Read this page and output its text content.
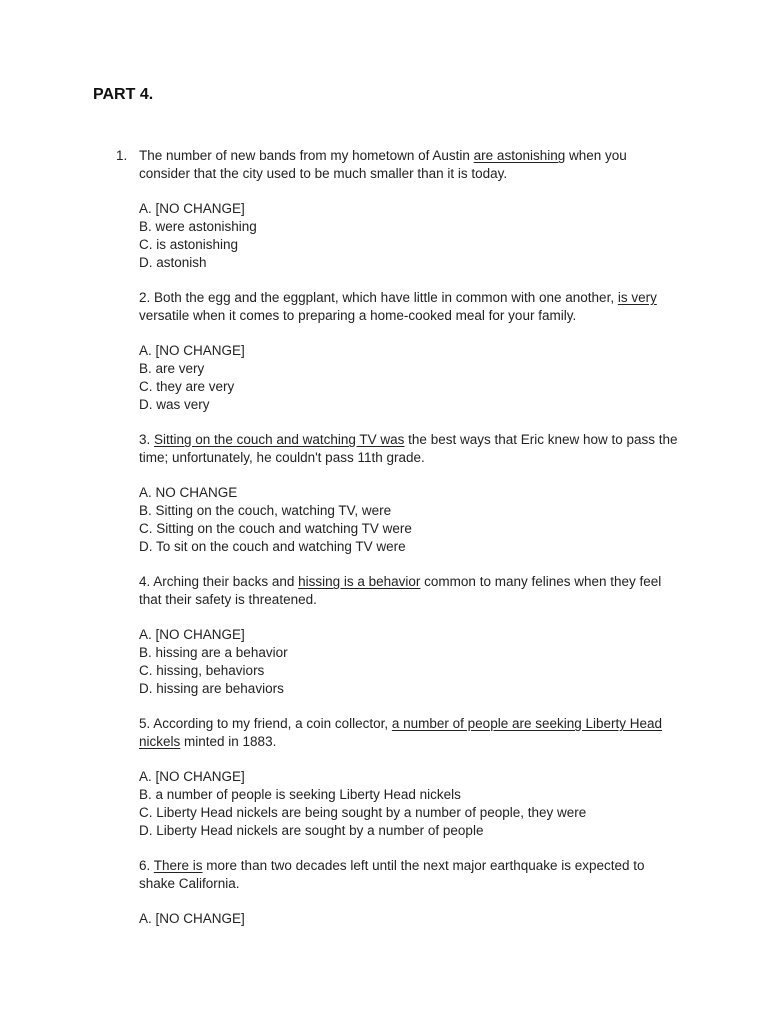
PART 4.
1. The number of new bands from my hometown of Austin are astonishing when you consider that the city used to be much smaller than it is today.
A. [NO CHANGE]
B. were astonishing
C. is astonishing
D. astonish
2. Both the egg and the eggplant, which have little in common with one another, is very versatile when it comes to preparing a home-cooked meal for your family.
A. [NO CHANGE]
B. are very
C. they are very
D. was very
3. Sitting on the couch and watching TV was the best ways that Eric knew how to pass the time; unfortunately, he couldn't pass 11th grade.
A. NO CHANGE
B. Sitting on the couch, watching TV, were
C. Sitting on the couch and watching TV were
D. To sit on the couch and watching TV were
4. Arching their backs and hissing is a behavior common to many felines when they feel that their safety is threatened.
A. [NO CHANGE]
B. hissing are a behavior
C. hissing, behaviors
D. hissing are behaviors
5. According to my friend, a coin collector, a number of people are seeking Liberty Head nickels minted in 1883.
A. [NO CHANGE]
B. a number of people is seeking Liberty Head nickels
C. Liberty Head nickels are being sought by a number of people, they were
D. Liberty Head nickels are sought by a number of people
6. There is more than two decades left until the next major earthquake is expected to shake California.
A. [NO CHANGE]
